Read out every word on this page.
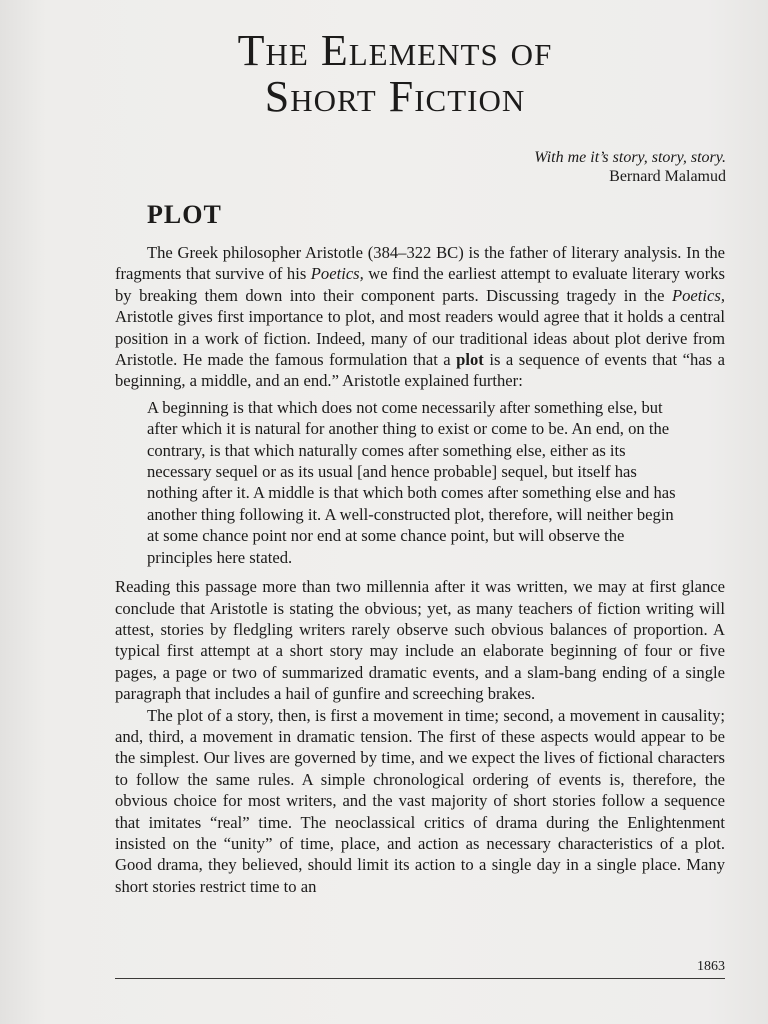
The Elements of
Short Fiction
With me it’s story, story, story.
Bernard Malamud
PLOT

The Greek philosopher Aristotle (384–322 BC) is the father of literary analysis. In the fragments that survive of his Poetics, we find the earliest attempt to evaluate literary works by breaking them down into their component parts. Discussing tragedy in the Poetics, Aristotle gives first importance to plot, and most readers would agree that it holds a central position in a work of fiction. Indeed, many of our traditional ideas about plot derive from Aristotle. He made the famous formulation that a plot is a sequence of events that “has a beginning, a middle, and an end.” Aristotle explained further:

A beginning is that which does not come necessarily after something else, but after which it is natural for another thing to exist or come to be. An end, on the contrary, is that which naturally comes after something else, either as its necessary sequel or as its usual [and hence probable] sequel, but itself has nothing after it. A middle is that which both comes after something else and has another thing following it. A well-constructed plot, therefore, will neither begin at some chance point nor end at some chance point, but will observe the principles here stated.

Reading this passage more than two millennia after it was written, we may at first glance conclude that Aristotle is stating the obvious; yet, as many teachers of fiction writing will attest, stories by fledgling writers rarely observe such obvious balances of proportion. A typical first attempt at a short story may include an elaborate beginning of four or five pages, a page or two of summarized dramatic events, and a slam-bang ending of a single paragraph that includes a hail of gunfire and screeching brakes.

The plot of a story, then, is first a movement in time; second, a movement in causality; and, third, a movement in dramatic tension. The first of these aspects would appear to be the simplest. Our lives are governed by time, and we expect the lives of fictional characters to follow the same rules. A simple chronological ordering of events is, therefore, the obvious choice for most writers, and the vast majority of short stories follow a sequence that imitates “real” time. The neoclassical critics of drama during the Enlightenment insisted on the “unity” of time, place, and action as necessary characteristics of a plot. Good drama, they believed, should limit its action to a single day in a single place. Many short stories restrict time to an

1863
